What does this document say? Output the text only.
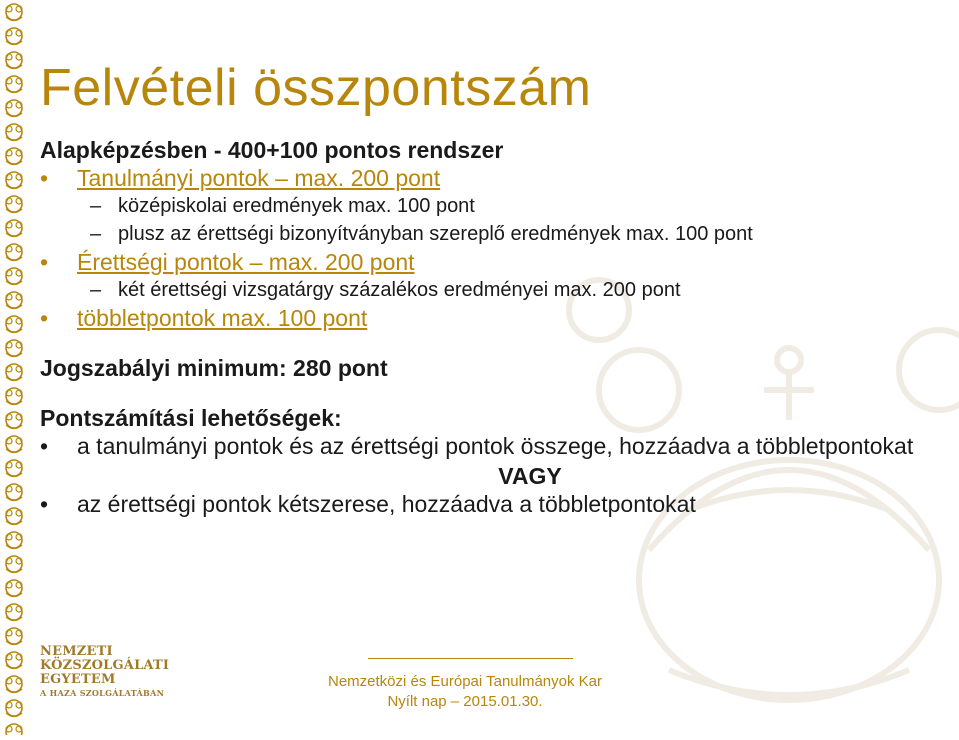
Felvételi összpontszám

Alapképzésben - 400+100 pontos rendszer

• Tanulmányi pontok – max. 200 pont

– középiskolai eredmények max. 100 pont

– plusz az érettségi bizonyítványban szereplő eredmények max. 100 pont

• Érettségi pontok – max. 200 pont

– két érettségi vizsgatárgy százalékos eredményei max. 200 pont

• többletpontok max. 100 pont

Jogszabályi minimum: 280 pont

Pontszámítási lehetőségek:

• a tanulmányi pontok és az érettségi pontok összege, hozzáadva a többletpontokat

VAGY

• az érettségi pontok kétszerese, hozzáadva a többletpontokat

NEMZETI
KÖZSZOLGÁLATI
EGYETEM
A HAZA SZOLGÁLATÁBAN
Nemzetközi és Európai Tanulmányok Kar
Nyílt nap – 2015.01.30.
